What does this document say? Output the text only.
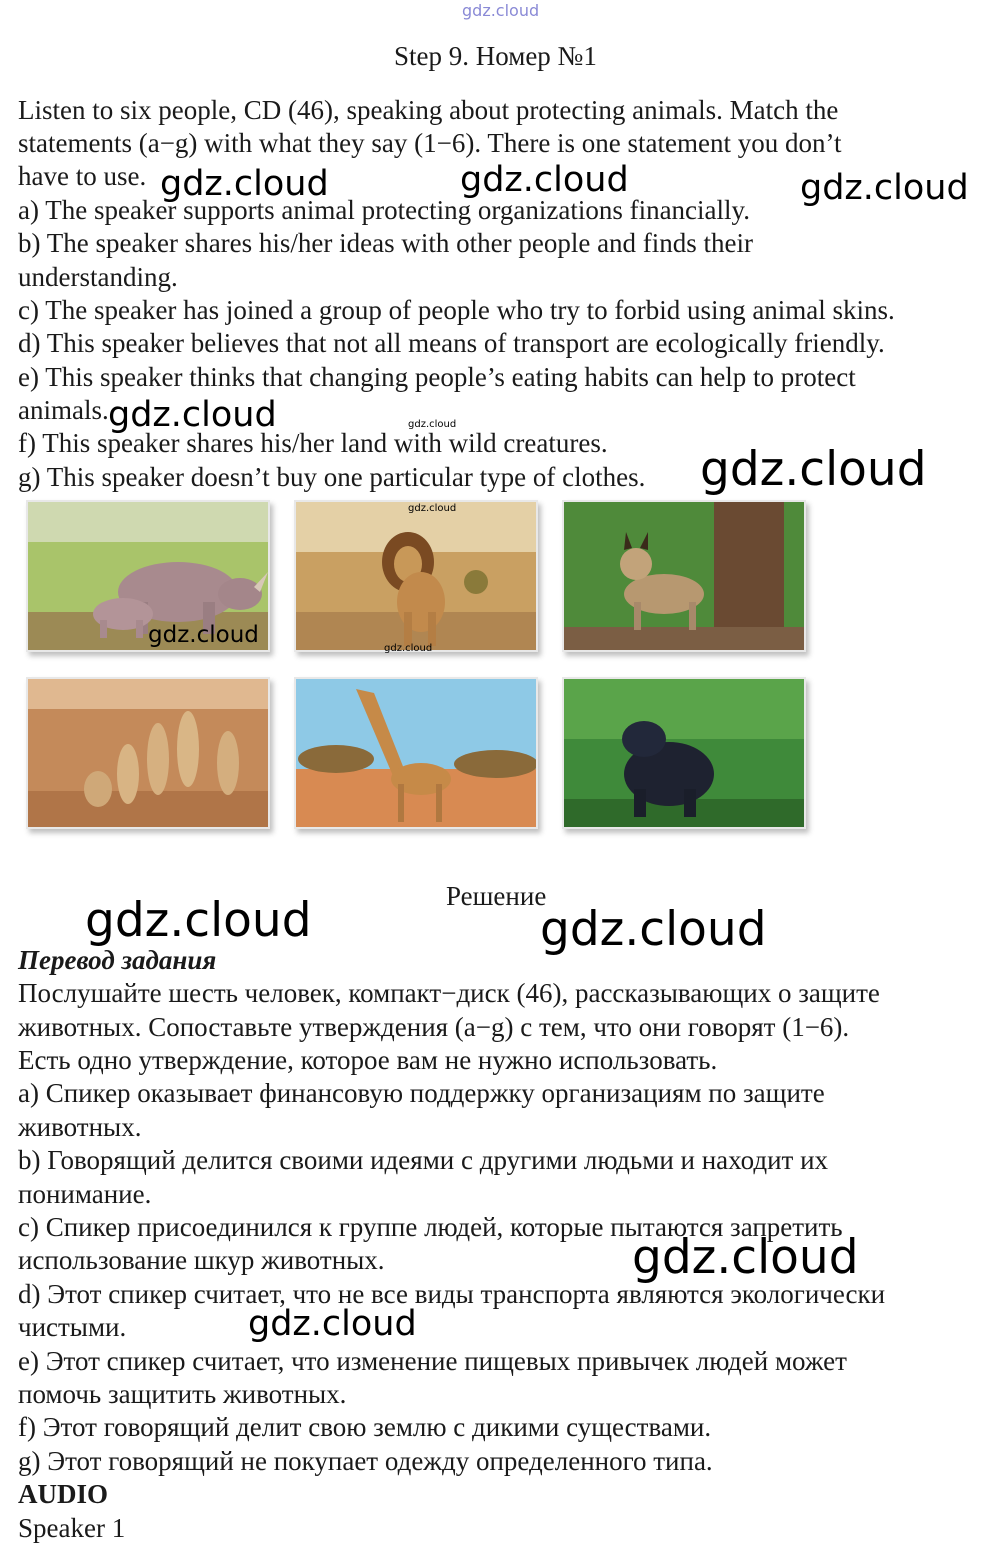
gdz.cloud
Step 9. Номер №1
Listen to six people, CD (46), speaking about protecting animals. Match the
statements (a−g) with what they say (1−6). There is one statement you don’t
have to use.
a) The speaker supports animal protecting organizations financially.
b) The speaker shares his/her ideas with other people and finds their
understanding.
c) The speaker has joined a group of people who try to forbid using animal skins.
d) This speaker believes that not all means of transport are ecologically friendly.
e) This speaker thinks that changing people’s eating habits can help to protect
animals.
f) This speaker shares his/her land with wild creatures.
g) This speaker doesn’t buy one particular type of clothes.
gdz.cloud	gdz.cloud	gdz.cloud
gdz.cloud	gdz.cloud
gdz.cloud
gdz.cloud
gdz.cloud
gdz.cloud
Решение
gdz.cloud	gdz.cloud
Перевод задания
Послушайте шесть человек, компакт−диск (46), рассказывающих о защите
животных. Сопоставьте утверждения (а−g) с тем, что они говорят (1−6).
Есть одно утверждение, которое вам не нужно использовать.
a) Спикер оказывает финансовую поддержку организациям по защите
животных.
b) Говорящий делится своими идеями с другими людьми и находит их
понимание.
c) Спикер присоединился к группе людей, которые пытаются запретить
использование шкур животных.
d) Этот спикер считает, что не все виды транспорта являются экологически
чистыми.
e) Этот спикер считает, что изменение пищевых привычек людей может
помочь защитить животных.
f) Этот говорящий делит свою землю с дикими существами.
g) Этот говорящий не покупает одежду определенного типа.
gdz.cloud
gdz.cloud
AUDIO
Speaker 1
